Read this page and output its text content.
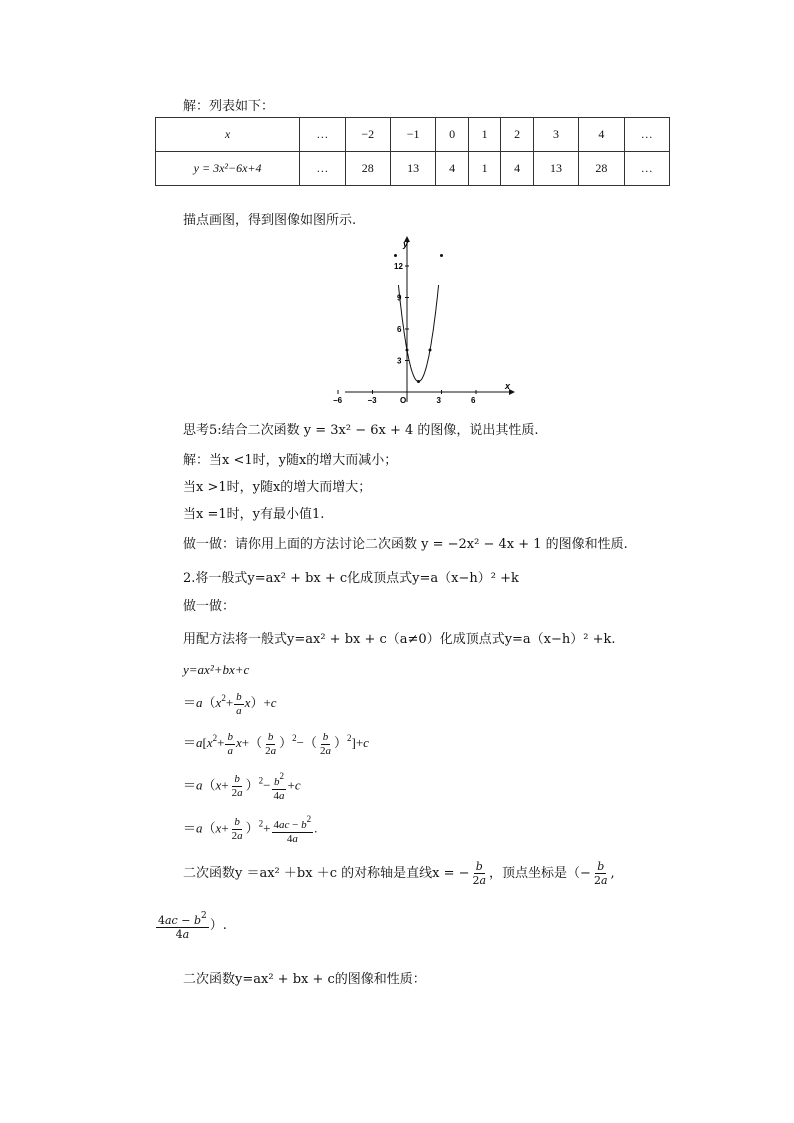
解：列表如下：
x	…	−2	−1	0	1	2	3	4	…
y = 3x²−6x+4	…	28	13	4	1	4	13	28	…
描点画图，得到图像如图所示.
x
y
−6	−3	O	3	6
3
6
9
12
思考5:结合二次函数 y = 3x² − 6x + 4 的图像，说出其性质.
解：当x <1时，y随x的增大而减小；
当x >1时，y随x的增大而增大；
当x =1时，y有最小值1.
做一做：请你用上面的方法讨论二次函数 y = −2x² − 4x + 1 的图像和性质.
2.将一般式y=ax² + bx + c化成顶点式y=a（x−h）² +k
做一做：
用配方法将一般式y=ax² + bx + c（a≠0）化成顶点式y=a（x−h）² +k.
y=ax²+bx+c
$=a(x^2+ \frac{b}{a} x)+c$
$=a[x^2+ \frac{b}{a} x+( \frac{b}{2a} )^2-( \frac{b}{2a} )^2]+c$
$=a(x+ \frac{b}{2a} )^2- \frac{b^2}{4a} +c$
$=a(x+ \frac{b}{2a} )^2+ \frac{4ac - b^2}{4a}$ .
二次函数y ＝ax² ＋bx ＋c 的对称轴是直线x = − $\frac{b}{2a}$ ，顶点坐标是（− $\frac{b}{2a}$ ,
$\frac{4ac - b^2}{4a}$ ）.
二次函数y=ax² + bx + c的图像和性质：
